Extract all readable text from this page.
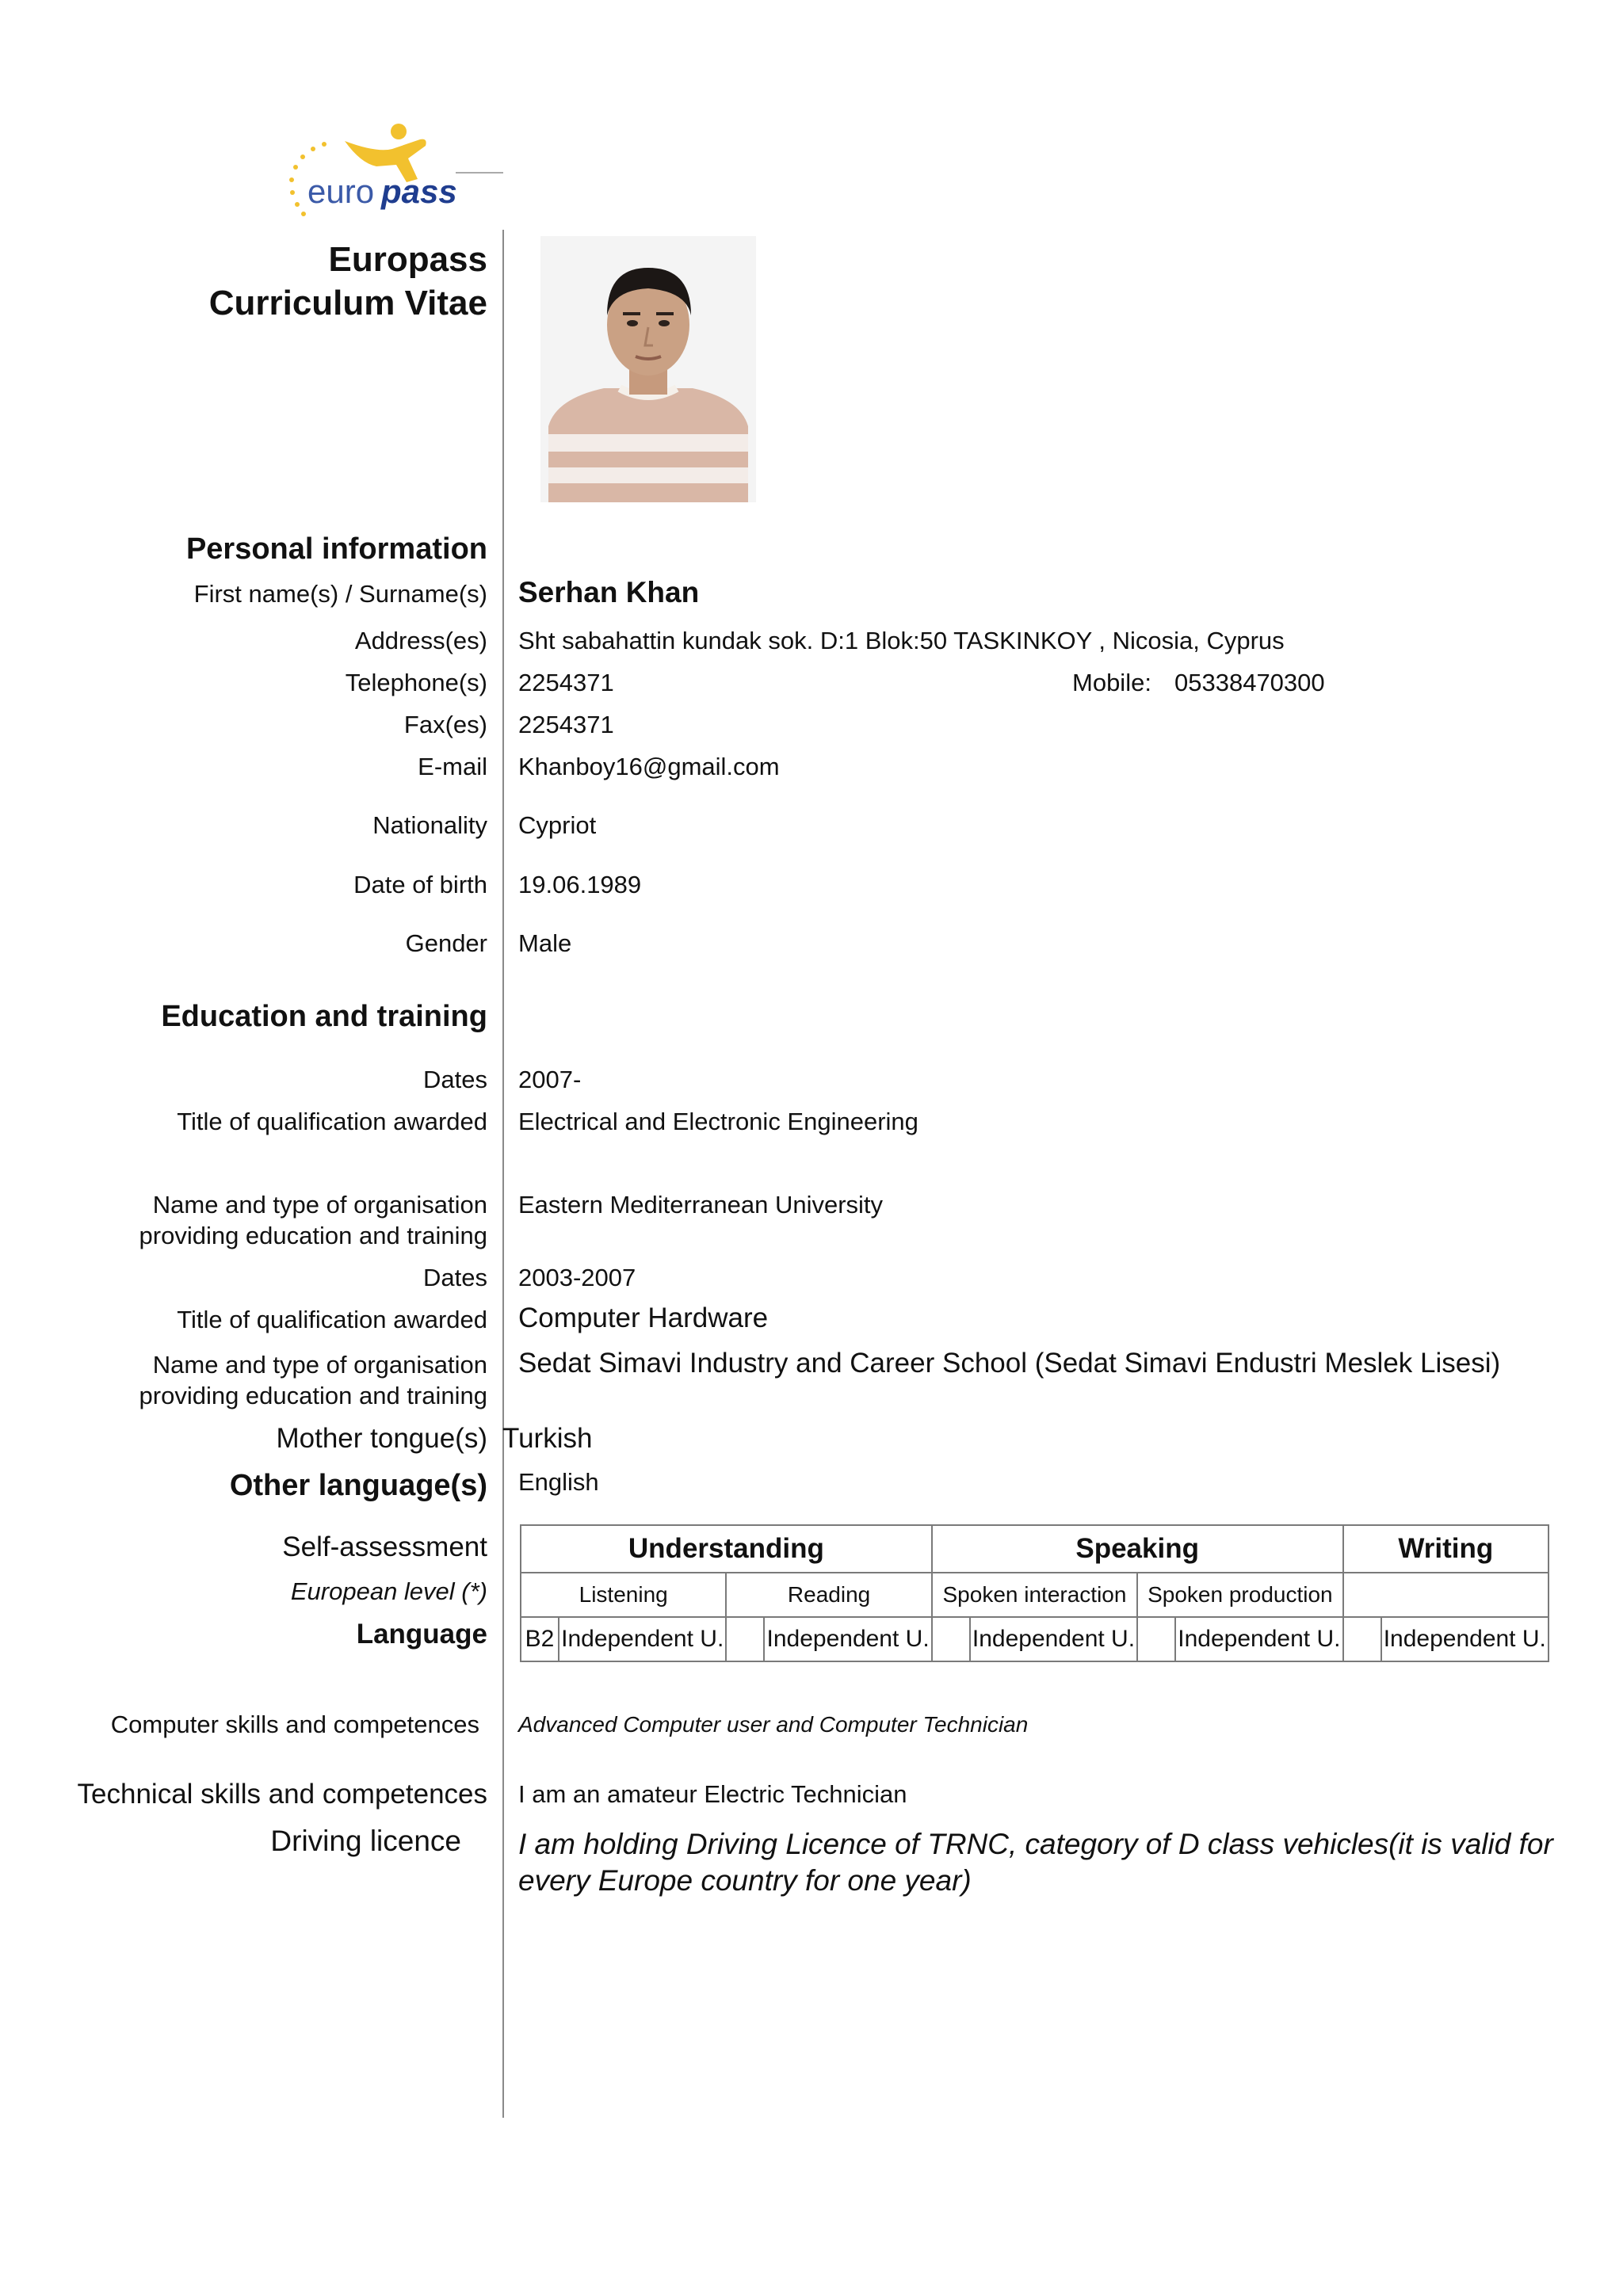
euro pass
Europass
Curriculum Vitae
Personal information
First name(s) / Surname(s) Serhan Khan
Address(es) Sht sabahattin kundak sok. D:1 Blok:50 TASKINKOY , Nicosia, Cyprus
Telephone(s) 2254371	Mobile: 05338470300
Fax(es) 2254371
E-mail Khanboy16@gmail.com
Nationality Cypriot
Date of birth 19.06.1989
Gender Male
Education and training
Dates 2007-
Title of qualification awarded Electrical and Electronic Engineering
Name and type of organisation
providing education and training
Eastern Mediterranean University
Dates 2003-2007
Title of qualification awarded Computer Hardware
Name and type of organisation
providing education and training
Sedat Simavi Industry and Career School (Sedat Simavi Endustri Meslek Lisesi)
Mother tongue(s) Turkish
Other language(s) English
Self-assessment
European level (*)
Language
Understanding				Speaking				Writing	
Listening		Reading		Spoken interaction		Spoken production			
B2	Independent U.		Independent U.		Independent U.		Independent U.		Independent U.
Computer skills and competences Advanced Computer user and Computer Technician
Technical skills and competences I am an amateur Electric Technician
Driving licence I am holding Driving Licence of TRNC, category of D class vehicles(it is valid for
every Europe country for one year)
